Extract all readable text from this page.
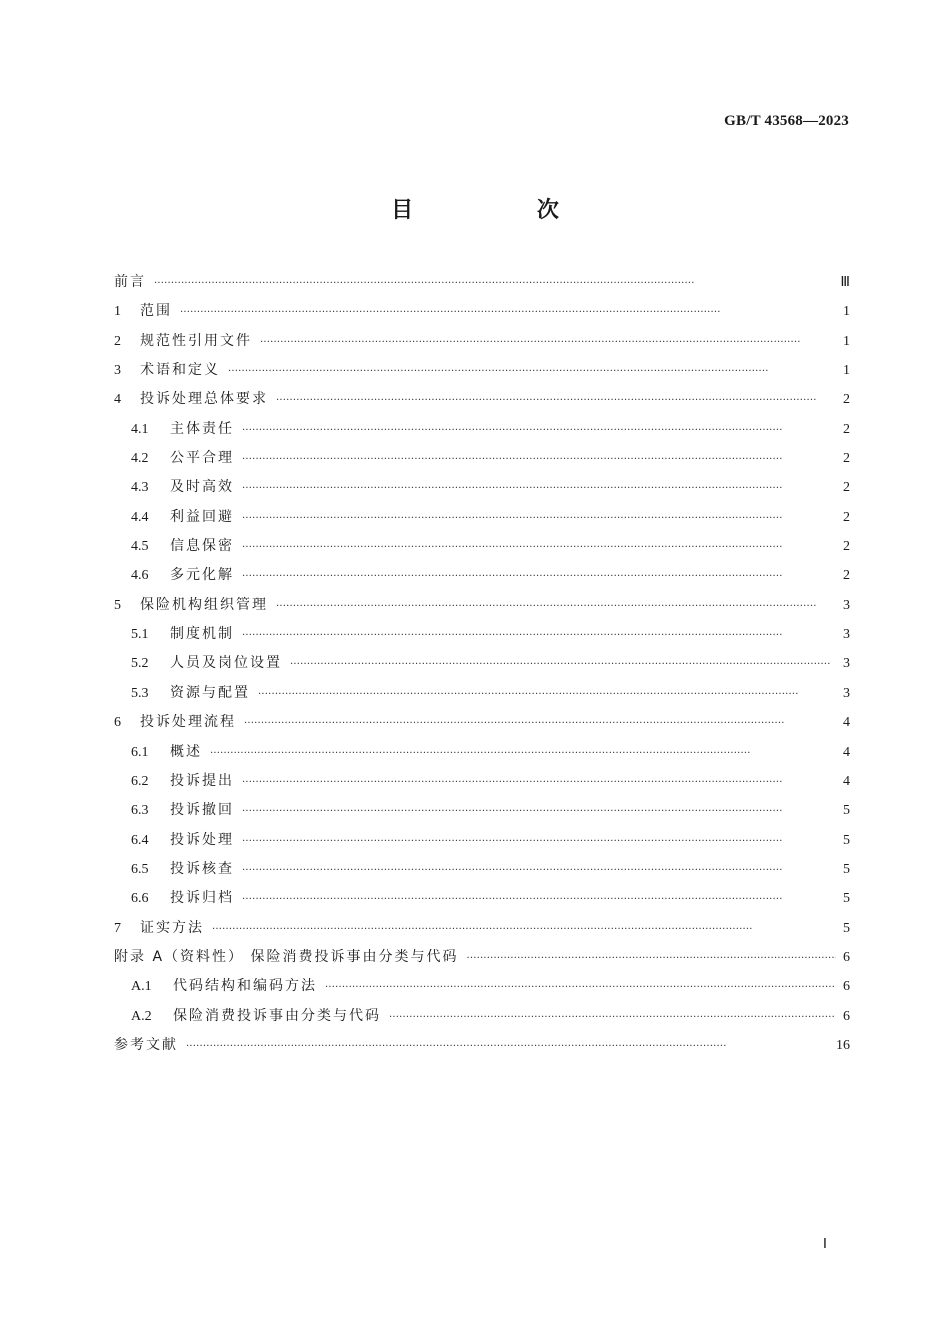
GB/T 43568—2023
目 次
前言 ·····	Ⅲ
1	范围 ·····	1
2	规范性引用文件 ·····	1
3	术语和定义 ·····	1
4	投诉处理总体要求 ·····	2
4.1	主体责任 ·····	2
4.2	公平合理 ·····	2
4.3	及时高效 ·····	2
4.4	利益回避 ·····	2
4.5	信息保密 ·····	2
4.6	多元化解 ·····	2
5	保险机构组织管理 ·····	3
5.1	制度机制 ·····	3
5.2	人员及岗位设置 ·····	3
5.3	资源与配置 ·····	3
6	投诉处理流程 ·····	4
6.1	概述 ·····	4
6.2	投诉提出 ·····	4
6.3	投诉撤回 ·····	5
6.4	投诉处理 ·····	5
6.5	投诉核查 ·····	5
6.6	投诉归档 ·····	5
7	证实方法 ·····	5
附录 A（资料性） 保险消费投诉事由分类与代码 ·····	6
A.1	代码结构和编码方法 ·····	6
A.2	保险消费投诉事由分类与代码 ·····	6
参考文献 ·····	16
Ⅰ
